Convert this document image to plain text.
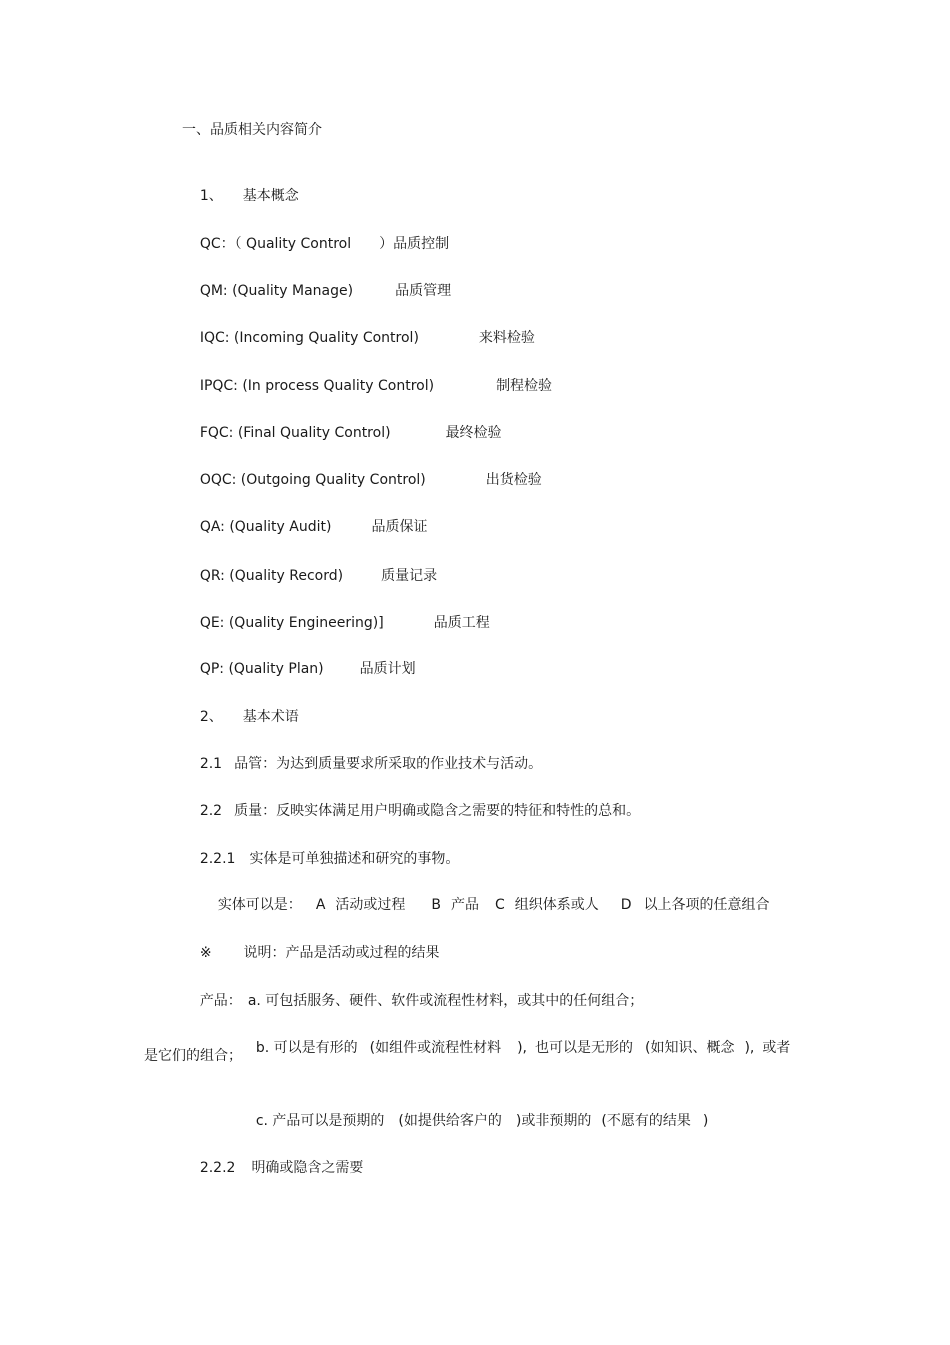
一、品质相关内容简介

1、 基本概念

QC：（ Quality Control ）品质控制

QM: (Quality Manage)	品质管理

IQC: (Incoming Quality Control)	来料检验

IPQC: (In process Quality Control)	制程检验

FQC: (Final Quality Control)	最终检验

OQC: (Outgoing Quality Control)	出货检验

QA: (Quality Audit)	品质保证

QR: (Quality Record)	质量记录

QE: (Quality Engineering)]	品质工程

QP: (Quality Plan)	品质计划

2、 基本术语

2.1 品管：为达到质量要求所采取的作业技术与活动。

2.2 质量：反映实体满足用户明确或隐含之需要的特征和特性的总和。

2.2.1 实体是可单独描述和研究的事物。

实体可以是： A 活动或过程 B 产品 C 组织体系或人 D 以上各项的任意组合

※ 说明：产品是活动或过程的结果

产品： a. 可包括服务、硬件、软件或流程性材料，或其中的任何组合；

b. 可以是有形的 (如组件或流程性材料 ), 也可以是无形的 (如知识、概念 ), 或者

是它们的组合；

c. 产品可以是预期的 (如提供给客户的 )或非预期的 (不愿有的结果 )

2.2.2 明确或隐含之需要
